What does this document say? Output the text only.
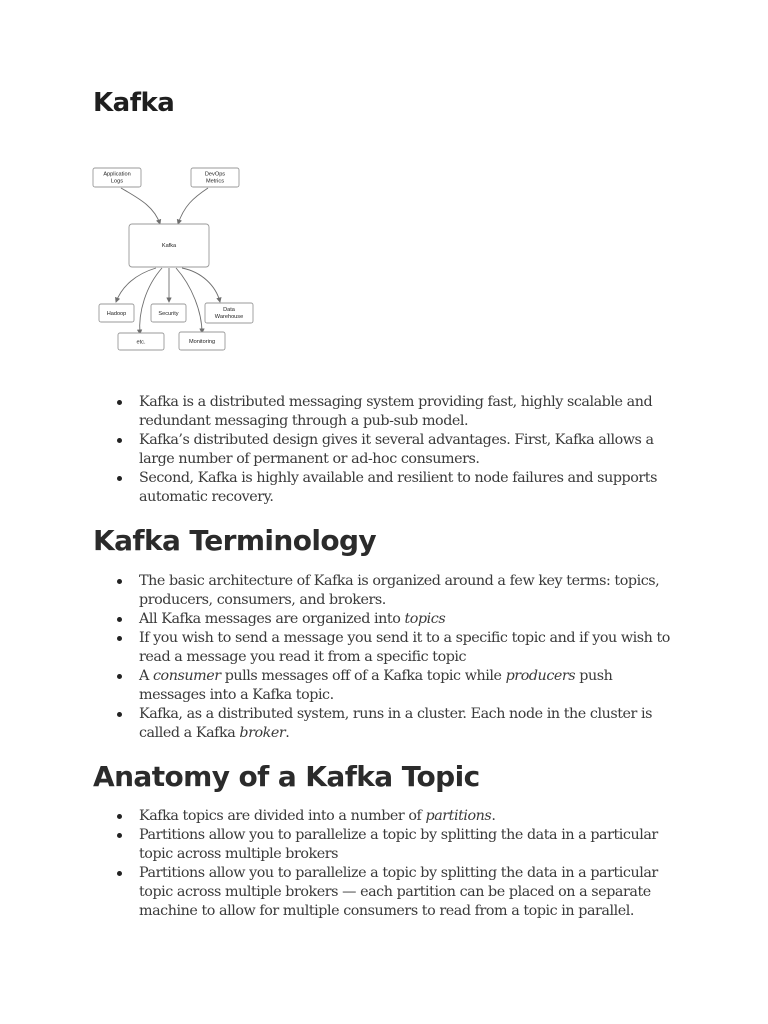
Kafka
Application
Logs
DevOps
Metrics
Kafka
Hadoop	Security
Data
Warehouse
etc.	Monitoring
Kafka is a distributed messaging system providing fast, highly scalable and redundant messaging through a pub-sub model.
Kafka’s distributed design gives it several advantages. First, Kafka allows a large number of permanent or ad-hoc consumers.
Second, Kafka is highly available and resilient to node failures and supports automatic recovery.
Kafka Terminology
The basic architecture of Kafka is organized around a few key terms: topics, producers, consumers, and brokers.
All Kafka messages are organized into topics
If you wish to send a message you send it to a specific topic and if you wish to read a message you read it from a specific topic
A consumer pulls messages off of a Kafka topic while producers push messages into a Kafka topic.
Kafka, as a distributed system, runs in a cluster. Each node in the cluster is called a Kafka broker.
Anatomy of a Kafka Topic
Kafka topics are divided into a number of partitions.
Partitions allow you to parallelize a topic by splitting the data in a particular topic across multiple brokers
Partitions allow you to parallelize a topic by splitting the data in a particular topic across multiple brokers — each partition can be placed on a separate machine to allow for multiple consumers to read from a topic in parallel.
